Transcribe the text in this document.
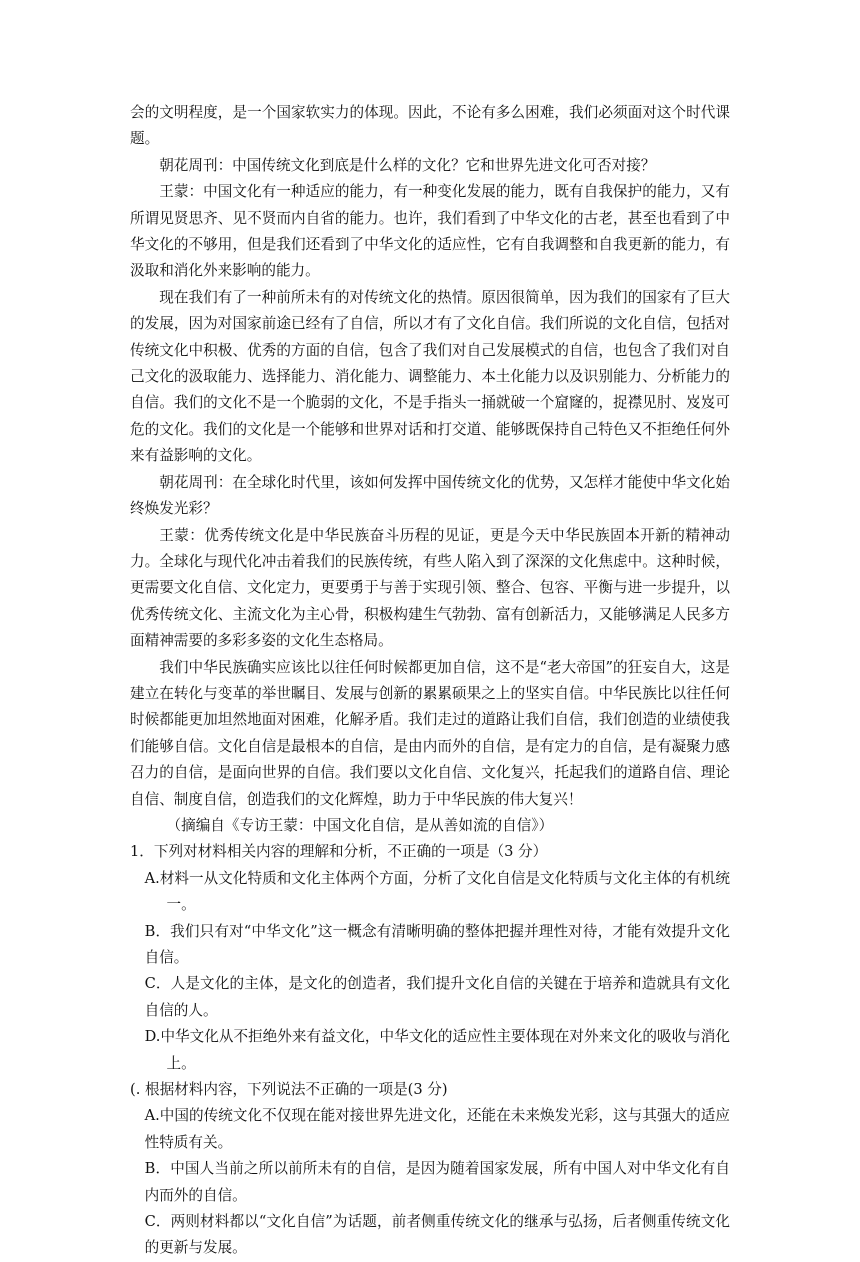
会的文明程度，是一个国家软实力的体现。因此，不论有多么困难，我们必须面对这个时代课题。

朝花周刊：中国传统文化到底是什么样的文化？它和世界先进文化可否对接？

王蒙：中国文化有一种适应的能力，有一种变化发展的能力，既有自我保护的能力，又有所谓见贤思齐、见不贤而内自省的能力。也许，我们看到了中华文化的古老，甚至也看到了中华文化的不够用，但是我们还看到了中华文化的适应性，它有自我调整和自我更新的能力，有汲取和消化外来影响的能力。

现在我们有了一种前所未有的对传统文化的热情。原因很简单，因为我们的国家有了巨大的发展，因为对国家前途已经有了自信，所以才有了文化自信。我们所说的文化自信，包括对传统文化中积极、优秀的方面的自信，包含了我们对自己发展模式的自信，也包含了我们对自己文化的汲取能力、选择能力、消化能力、调整能力、本土化能力以及识别能力、分析能力的自信。我们的文化不是一个脆弱的文化，不是手指头一捅就破一个窟窿的，捉襟见肘、岌岌可危的文化。我们的文化是一个能够和世界对话和打交道、能够既保持自己特色又不拒绝任何外来有益影响的文化。

朝花周刊：在全球化时代里，该如何发挥中国传统文化的优势，又怎样才能使中华文化始终焕发光彩？

王蒙：优秀传统文化是中华民族奋斗历程的见证，更是今天中华民族固本开新的精神动力。全球化与现代化冲击着我们的民族传统，有些人陷入到了深深的文化焦虑中。这种时候，更需要文化自信、文化定力，更要勇于与善于实现引领、整合、包容、平衡与进一步提升，以优秀传统文化、主流文化为主心骨，积极构建生气勃勃、富有创新活力，又能够满足人民多方面精神需要的多彩多姿的文化生态格局。

我们中华民族确实应该比以往任何时候都更加自信，这不是“老大帝国”的狂妄自大，这是建立在转化与变革的举世瞩目、发展与创新的累累硕果之上的坚实自信。中华民族比以往任何时候都能更加坦然地面对困难，化解矛盾。我们走过的道路让我们自信，我们创造的业绩使我们能够自信。文化自信是最根本的自信，是由内而外的自信，是有定力的自信，是有凝聚力感召力的自信，是面向世界的自信。我们要以文化自信、文化复兴，托起我们的道路自信、理论自信、制度自信，创造我们的文化辉煌，助力于中华民族的伟大复兴！

（摘编自《专访王蒙：中国文化自信，是从善如流的自信》）

1．下列对材料相关内容的理解和分析，不正确的一项是（3 分）

A.材料一从文化特质和文化主体两个方面，分析了文化自信是文化特质与文化主体的有机统一。

B．我们只有对“中华文化”这一概念有清晰明确的整体把握并理性对待，才能有效提升文化自信。

C．人是文化的主体，是文化的创造者，我们提升文化自信的关键在于培养和造就具有文化自信的人。

D.中华文化从不拒绝外来有益文化，中华文化的适应性主要体现在对外来文化的吸收与消化上。

(. 根据材料内容，下列说法不正确的一项是(3 分)

A.中国的传统文化不仅现在能对接世界先进文化，还能在未来焕发光彩，这与其强大的适应性特质有关。

B．中国人当前之所以前所未有的自信，是因为随着国家发展，所有中国人对中华文化有自内而外的自信。

C．两则材料都以“文化自信”为话题，前者侧重传统文化的继承与弘扬，后者侧重传统文化的更新与发展。
